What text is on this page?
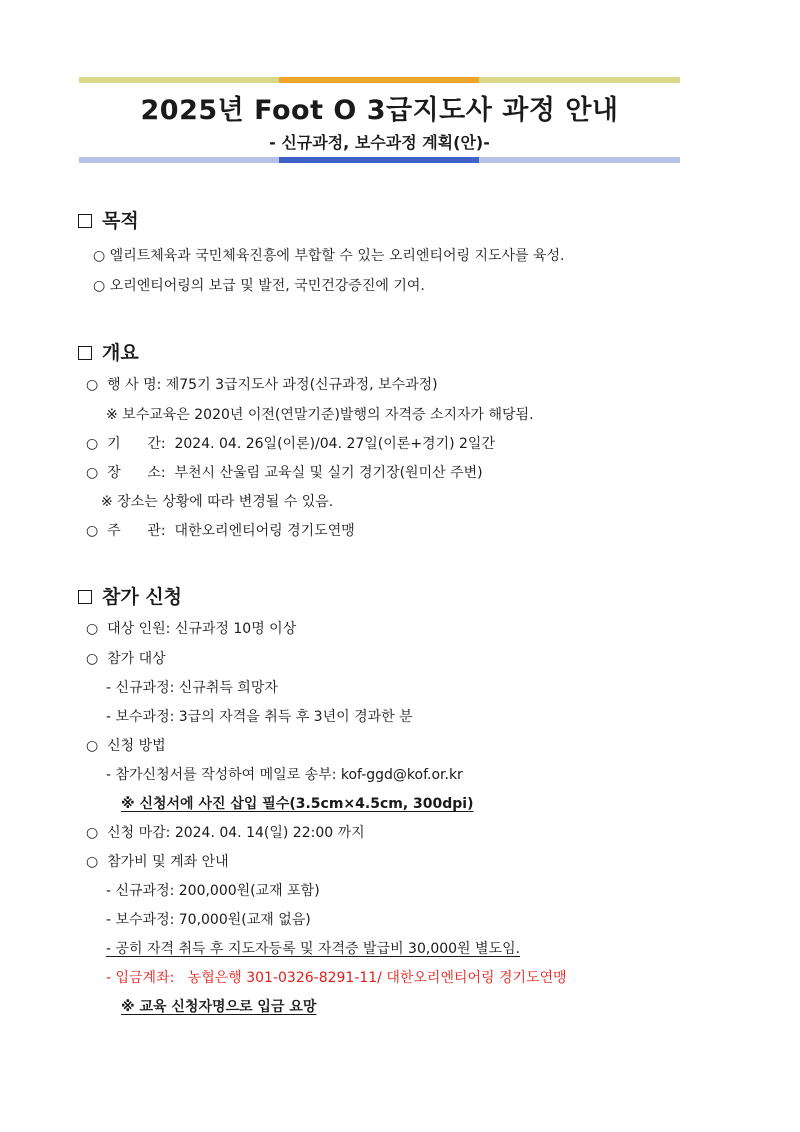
2025년 Foot O 3급지도사 과정 안내
- 신규과정, 보수과정 계획(안)-
목적
○ 엘리트체육과 국민체육진흥에 부합할 수 있는 오리엔티어링 지도사를 육성.
○ 오리엔티어링의 보급 및 발전, 국민건강증진에 기여.
개요
○  행 사 명: 제75기 3급지도사 과정(신규과정, 보수과정)
※ 보수교육은 2020년 이전(연말기준)발행의 자격증 소지자가 해당됨.
○  기      간:  2024. 04. 26일(이론)/04. 27일(이론+경기) 2일간
○  장      소:  부천시 산울림 교육실 및 실기 경기장(원미산 주변)
※ 장소는 상황에 따라 변경될 수 있음.
○  주      관:  대한오리엔티어링 경기도연맹
참가 신청
○  대상 인원: 신규과정 10명 이상
○  참가 대상
- 신규과정: 신규취득 희망자
- 보수과정: 3급의 자격을 취득 후 3년이 경과한 분
○  신청 방법
- 참가신청서를 작성하여 메일로 송부: kof-ggd@kof.or.kr
※ 신청서에 사진 삽입 필수(3.5cm×4.5cm, 300dpi)
○  신청 마감: 2024. 04. 14(일) 22:00 까지
○  참가비 및 계좌 안내
- 신규과정: 200,000원(교재 포함)
- 보수과정: 70,000원(교재 없음)
- 공히 자격 취득 후 지도자등록 및 자격증 발급비 30,000원 별도임.
- 입금계좌: 농협은행 301-0326-8291-11/ 대한오리엔티어링 경기도연맹
※ 교육 신청자명으로 입금 요망
